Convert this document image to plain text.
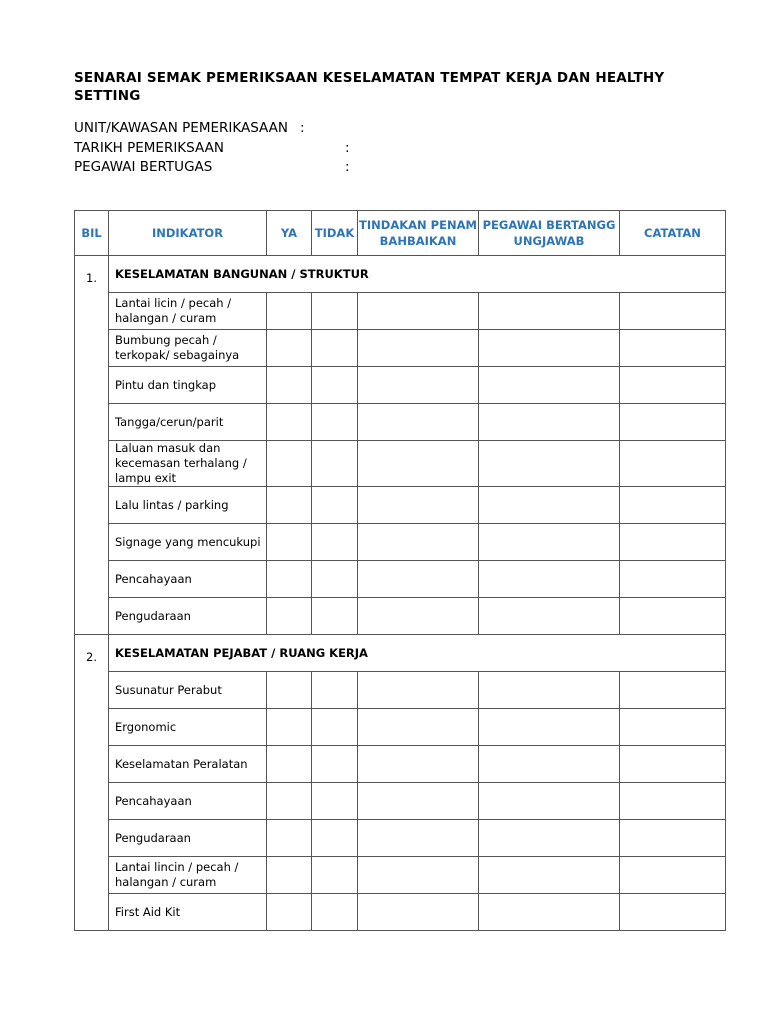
SENARAI SEMAK PEMERIKSAAN KESELAMATAN TEMPAT KERJA DAN HEALTHY SETTING
UNIT/KAWASAN PEMERIKASAAN :
TARIKH PEMERIKSAAN	:
PEGAWAI BERTUGAS	:
BIL	INDIKATOR	YA	TIDAK	TINDAKAN PENAMBAHBAIKAN	PEGAWAI BERTANGGUNGJAWAB	CATATAN
1.	KESELAMATAN BANGUNAN / STRUKTUR					
	Lantai licin / pecah / halangan / curam					
	Bumbung pecah / terkopak/ sebagainya					
	Pintu dan tingkap					
	Tangga/cerun/parit					
	Laluan masuk dan kecemasan terhalang / lampu exit					
	Lalu lintas / parking					
	Signage yang mencukupi					
	Pencahayaan					
	Pengudaraan					
2.	KESELAMATAN PEJABAT / RUANG KERJA					
	Susunatur Perabut					
	Ergonomic					
	Keselamatan Peralatan					
	Pencahayaan					
	Pengudaraan					
	Lantai lincin / pecah / halangan / curam					
	First Aid Kit					
